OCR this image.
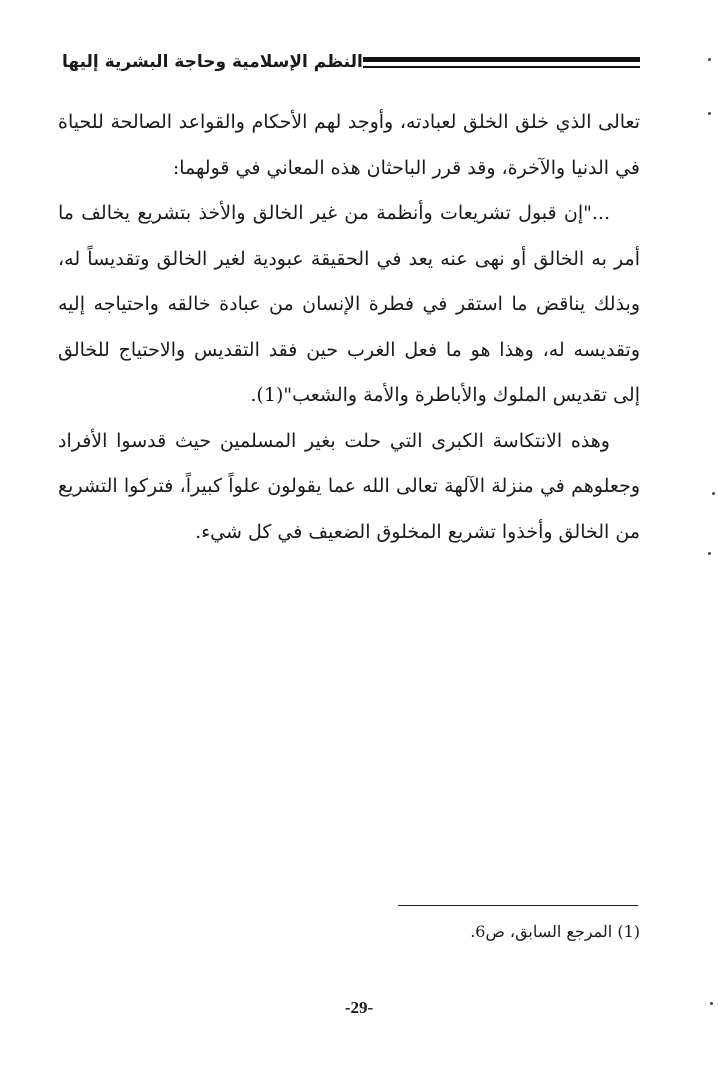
النظم الإسلامية وحاجة البشرية إليها

تعالى الذي خلق الخلق لعبادته، وأوجد لهم الأحكام والقواعد الصالحة للحياة في الدنيا والآخرة، وقد قرر الباحثان هذه المعاني في قولهما:

..."إن قبول تشريعات وأنظمة من غير الخالق والأخذ بتشريع يخالف ما أمر به الخالق أو نهى عنه يعد في الحقيقة عبودية لغير الخالق وتقديساً له، وبذلك يناقض ما استقر في فطرة الإنسان من عبادة خالقه واحتياجه إليه وتقديسه له، وهذا هو ما فعل الغرب حين فقد التقديس والاحتياج للخالق إلى تقديس الملوك والأباطرة والأمة والشعب"(1).

وهذه الانتكاسة الكبرى التي حلت بغير المسلمين حيث قدسوا الأفراد وجعلوهم في منزلة الآلهة تعالى الله عما يقولون علواً كبيراً، فتركوا التشريع من الخالق وأخذوا تشريع المخلوق الضعيف في كل شيء.

(1) المرجع السابق، ص6.
-29-
